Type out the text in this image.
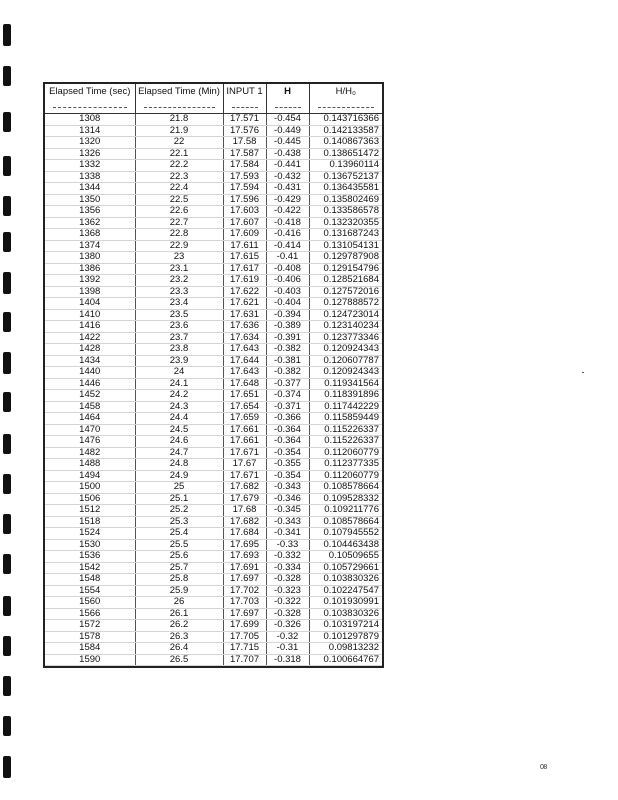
Elapsed Time (sec)	Elapsed Time (Min)	INPUT 1	H	H/H₀

1308	21.8	17.571	-0.454	0.143716366
1314	21.9	17.576	-0.449	0.142133587
1320	22	17.58	-0.445	0.140867363
1326	22.1	17.587	-0.438	0.138651472
1332	22.2	17.584	-0.441	0.13960114
1338	22.3	17.593	-0.432	0.136752137
1344	22.4	17.594	-0.431	0.136435581
1350	22.5	17.596	-0.429	0.135802469
1356	22.6	17.603	-0.422	0.133586578
1362	22.7	17.607	-0.418	0.132320355
1368	22.8	17.609	-0.416	0.131687243
1374	22.9	17.611	-0.414	0.131054131
1380	23	17.615	-0.41	0.129787908
1386	23.1	17.617	-0.408	0.129154796
1392	23.2	17.619	-0.406	0.128521684
1398	23.3	17.622	-0.403	0.127572016
1404	23.4	17.621	-0.404	0.127888572
1410	23.5	17.631	-0.394	0.124723014
1416	23.6	17.636	-0.389	0.123140234
1422	23.7	17.634	-0.391	0.123773346
1428	23.8	17.643	-0.382	0.120924343
1434	23.9	17.644	-0.381	0.120607787
1440	24	17.643	-0.382	0.120924343
1446	24.1	17.648	-0.377	0.119341564
1452	24.2	17.651	-0.374	0.118391896
1458	24.3	17.654	-0.371	0.117442229
1464	24.4	17.659	-0.366	0.115859449
1470	24.5	17.661	-0.364	0.115226337
1476	24.6	17.661	-0.364	0.115226337
1482	24.7	17.671	-0.354	0.112060779
1488	24.8	17.67	-0.355	0.112377335
1494	24.9	17.671	-0.354	0.112060779
1500	25	17.682	-0.343	0.108578664
1506	25.1	17.679	-0.346	0.109528332
1512	25.2	17.68	-0.345	0.109211776
1518	25.3	17.682	-0.343	0.108578664
1524	25.4	17.684	-0.341	0.107945552
1530	25.5	17.695	-0.33	0.104463438
1536	25.6	17.693	-0.332	0.10509655
1542	25.7	17.691	-0.334	0.105729661
1548	25.8	17.697	-0.328	0.103830326
1554	25.9	17.702	-0.323	0.102247547
1560	26	17.703	-0.322	0.101930991
1566	26.1	17.697	-0.328	0.103830326
1572	26.2	17.699	-0.326	0.103197214
1578	26.3	17.705	-0.32	0.101297879
1584	26.4	17.715	-0.31	0.09813232
1590	26.5	17.707	-0.318	0.100664767
08
